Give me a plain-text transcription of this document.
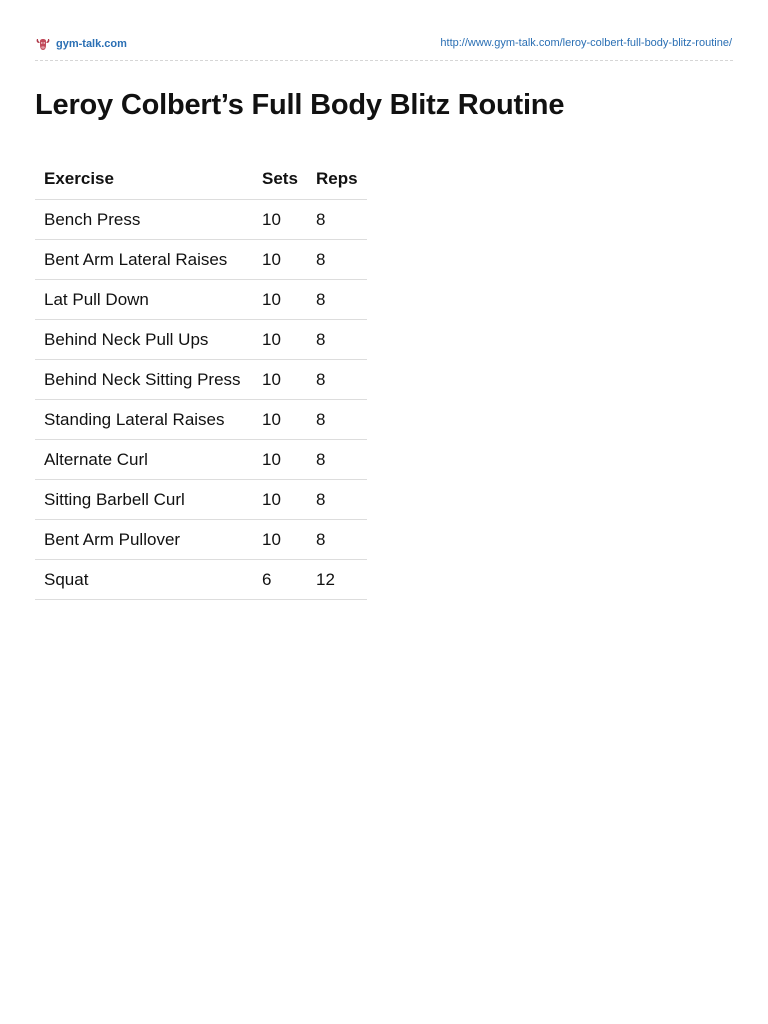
gym-talk.com	http://www.gym-talk.com/leroy-colbert-full-body-blitz-routine/
Leroy Colbert’s Full Body Blitz Routine
Exercise	Sets	Reps
Bench Press	10	8
Bent Arm Lateral Raises	10	8
Lat Pull Down	10	8
Behind Neck Pull Ups	10	8
Behind Neck Sitting Press	10	8
Standing Lateral Raises	10	8
Alternate Curl	10	8
Sitting Barbell Curl	10	8
Bent Arm Pullover	10	8
Squat	6	12
